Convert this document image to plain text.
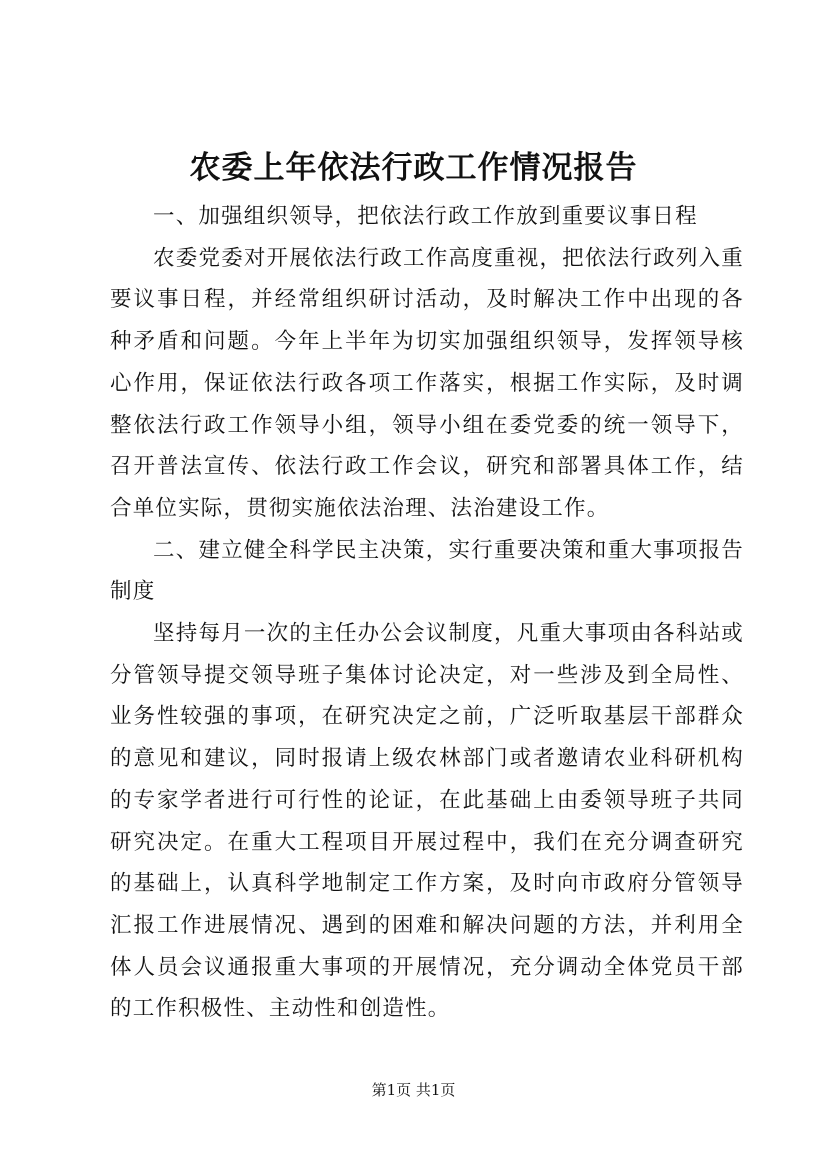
农委上年依法行政工作情况报告

一、加强组织领导，把依法行政工作放到重要议事日程

农委党委对开展依法行政工作高度重视，把依法行政列入重要议事日程，并经常组织研讨活动，及时解决工作中出现的各种矛盾和问题。今年上半年为切实加强组织领导，发挥领导核心作用，保证依法行政各项工作落实，根据工作实际，及时调整依法行政工作领导小组，领导小组在委党委的统一领导下，召开普法宣传、依法行政工作会议，研究和部署具体工作，结合单位实际，贯彻实施依法治理、法治建设工作。

二、建立健全科学民主决策，实行重要决策和重大事项报告制度

坚持每月一次的主任办公会议制度，凡重大事项由各科站或分管领导提交领导班子集体讨论决定，对一些涉及到全局性、业务性较强的事项，在研究决定之前，广泛听取基层干部群众的意见和建议，同时报请上级农林部门或者邀请农业科研机构的专家学者进行可行性的论证，在此基础上由委领导班子共同研究决定。在重大工程项目开展过程中，我们在充分调查研究的基础上，认真科学地制定工作方案，及时向市政府分管领导汇报工作进展情况、遇到的困难和解决问题的方法，并利用全体人员会议通报重大事项的开展情况，充分调动全体党员干部的工作积极性、主动性和创造性。

第1页 共1页
